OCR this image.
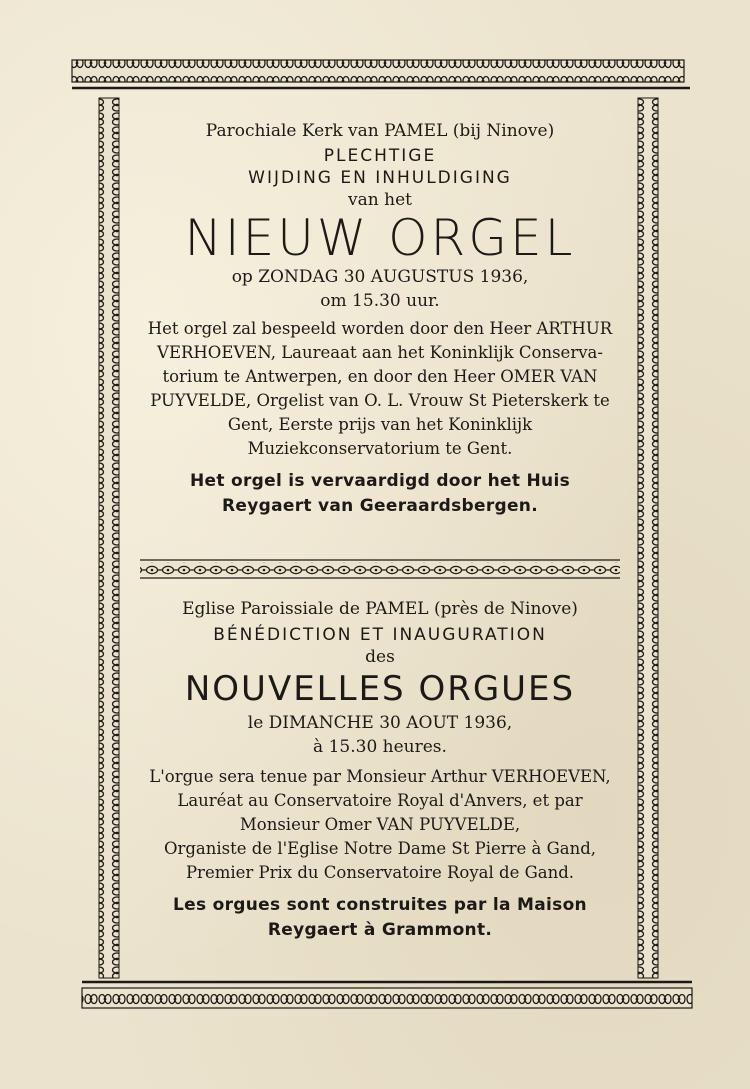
Parochiale Kerk van PAMEL (bij Ninove)
PLECHTIGE
WIJDING EN INHULDIGING
van het
NIEUW ORGEL
op ZONDAG 30 AUGUSTUS 1936,
om 15.30 uur.
Het orgel zal bespeeld worden door den Heer ARTHUR
VERHOEVEN, Laureaat aan het Koninklijk Conserva-
torium te Antwerpen, en door den Heer OMER VAN
PUYVELDE, Orgelist van O. L. Vrouw St Pieterskerk te
Gent, Eerste prijs van het Koninklijk
Muziekconservatorium te Gent.
Het orgel is vervaardigd door het Huis
Reygaert van Geeraardsbergen.
Eglise Paroissiale de PAMEL (près de Ninove)
BÉNÉDICTION ET INAUGURATION
des
NOUVELLES ORGUES
le DIMANCHE 30 AOUT 1936,
à 15.30 heures.
L'orgue sera tenue par Monsieur Arthur VERHOEVEN,
Lauréat au Conservatoire Royal d'Anvers, et par
Monsieur Omer VAN PUYVELDE,
Organiste de l'Eglise Notre Dame St Pierre à Gand,
Premier Prix du Conservatoire Royal de Gand.
Les orgues sont construites par la Maison
Reygaert à Grammont.
